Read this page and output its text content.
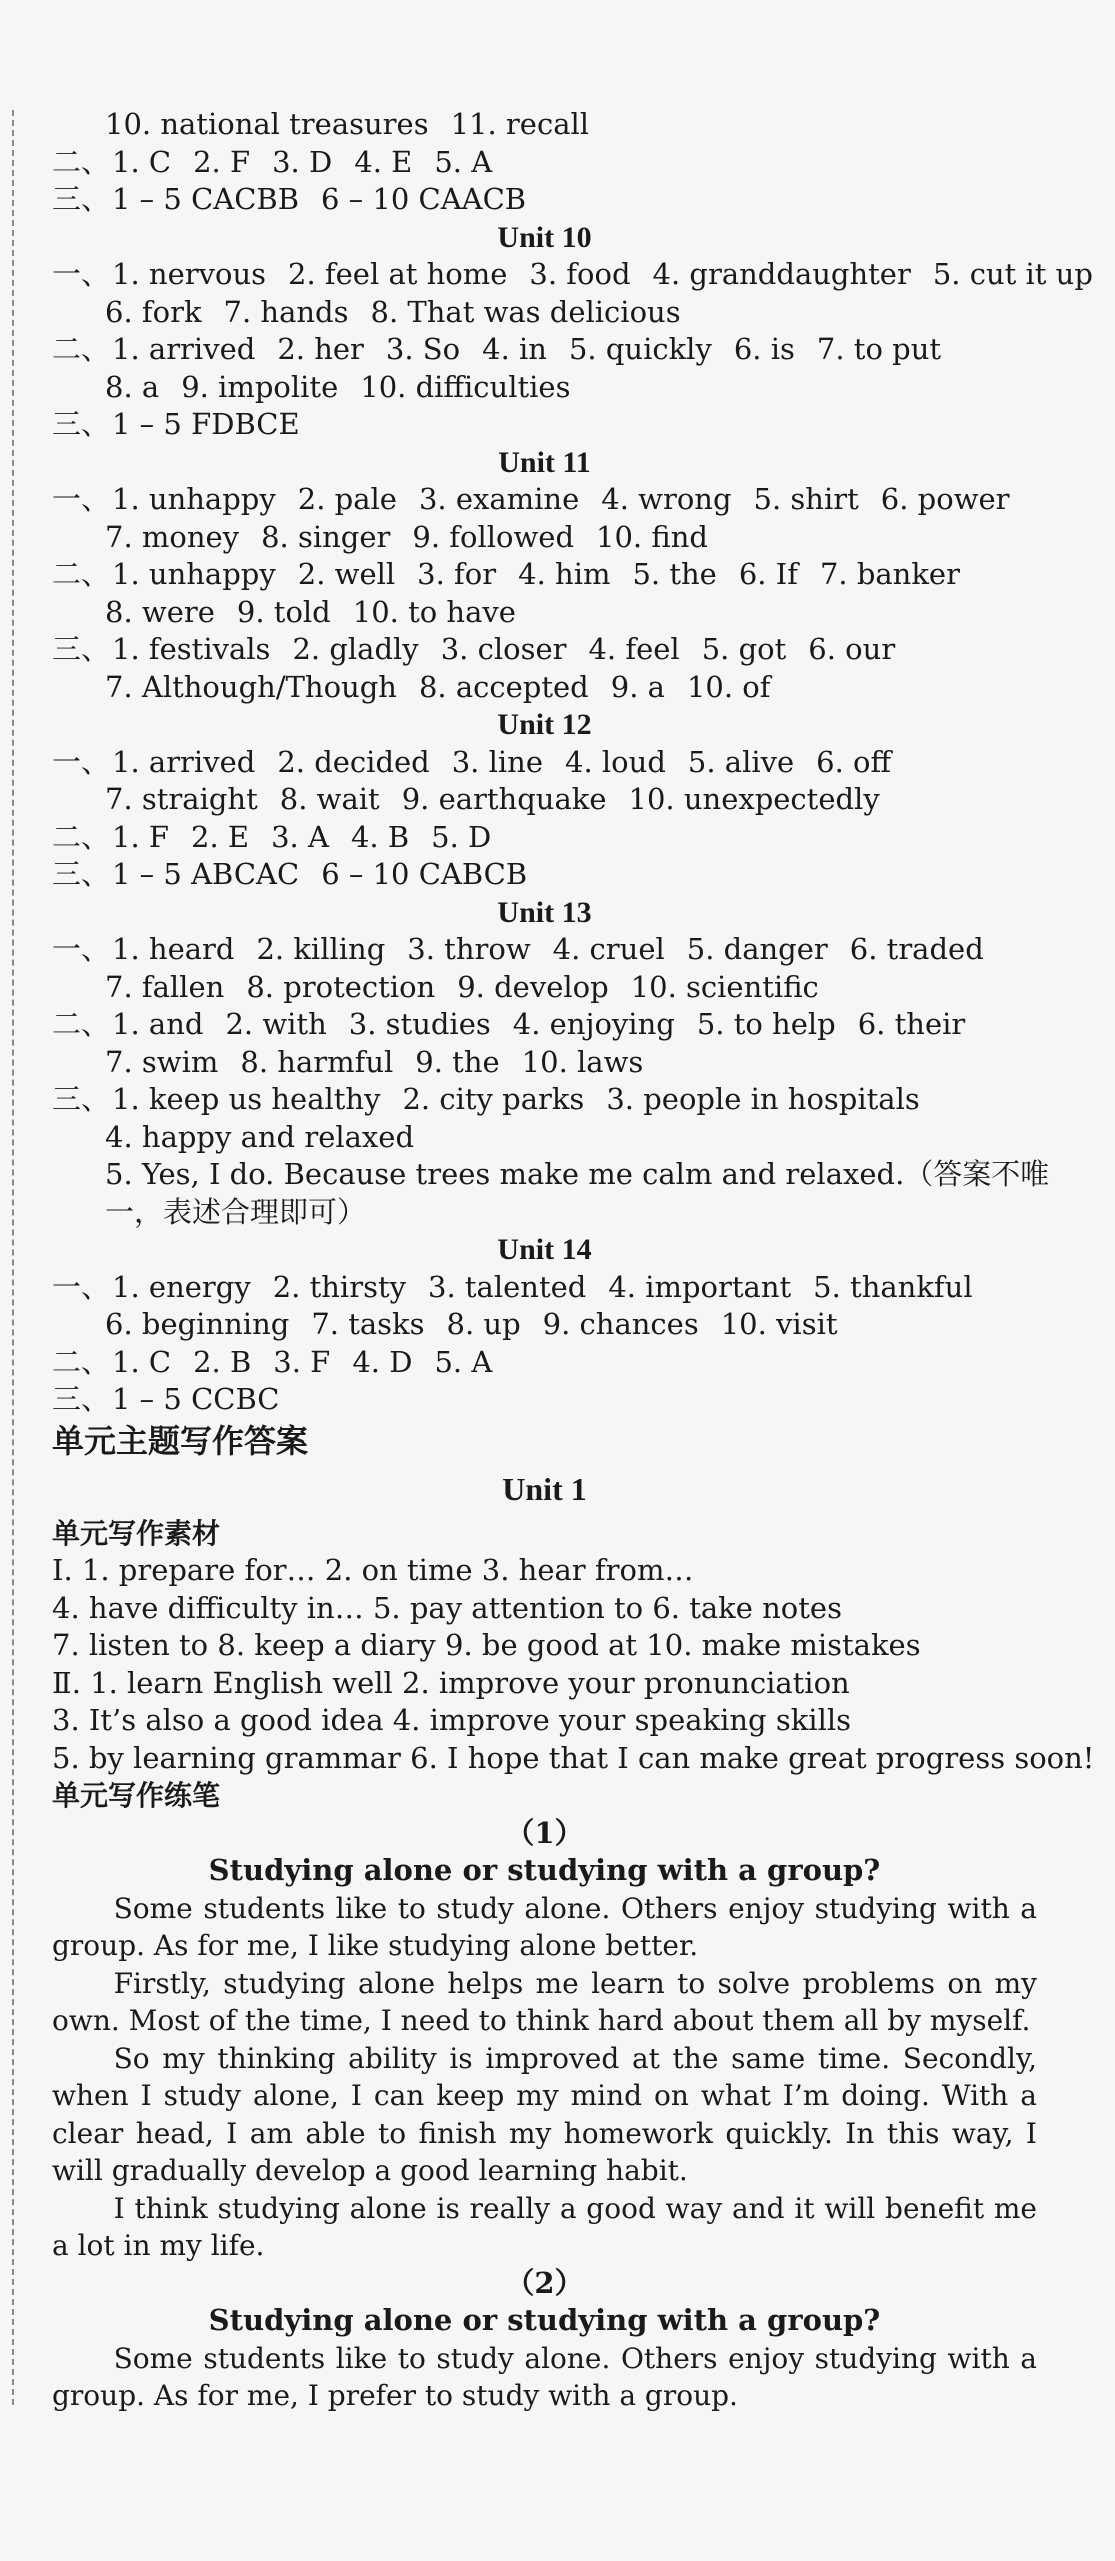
10. national treasures 11. recall
二、1. C 2. F 3. D 4. E 5. A
三、1 – 5 CACBB 6 – 10 CAACB
Unit 10
一、1. nervous 2. feel at home 3. food 4. granddaughter 5. cut it up
6. fork 7. hands 8. That was delicious
二、1. arrived 2. her 3. So 4. in 5. quickly 6. is 7. to put
8. a 9. impolite 10. difficulties
三、1 – 5 FDBCE
Unit 11
一、1. unhappy 2. pale 3. examine 4. wrong 5. shirt 6. power
7. money 8. singer 9. followed 10. find
二、1. unhappy 2. well 3. for 4. him 5. the 6. If 7. banker
8. were 9. told 10. to have
三、1. festivals 2. gladly 3. closer 4. feel 5. got 6. our
7. Although/Though 8. accepted 9. a 10. of
Unit 12
一、1. arrived 2. decided 3. line 4. loud 5. alive 6. off
7. straight 8. wait 9. earthquake 10. unexpectedly
二、1. F 2. E 3. A 4. B 5. D
三、1 – 5 ABCAC 6 – 10 CABCB
Unit 13
一、1. heard 2. killing 3. throw 4. cruel 5. danger 6. traded
7. fallen 8. protection 9. develop 10. scientific
二、1. and 2. with 3. studies 4. enjoying 5. to help 6. their
7. swim 8. harmful 9. the 10. laws
三、1. keep us healthy 2. city parks 3. people in hospitals
4. happy and relaxed
5. Yes, I do. Because trees make me calm and relaxed.（答案不唯
一，表述合理即可）
Unit 14
一、1. energy 2. thirsty 3. talented 4. important 5. thankful
6. beginning 7. tasks 8. up 9. chances 10. visit
二、1. C 2. B 3. F 4. D 5. A
三、1 – 5 CCBC
单元主题写作答案
Unit 1
单元写作素材
Ⅰ. 1. prepare for… 2. on time 3. hear from…
4. have difficulty in… 5. pay attention to 6. take notes
7. listen to 8. keep a diary 9. be good at 10. make mistakes
Ⅱ. 1. learn English well 2. improve your pronunciation
3. It’s also a good idea 4. improve your speaking skills
5. by learning grammar 6. I hope that I can make great progress soon!
单元写作练笔
（1）
Studying alone or studying with a group?

Some students like to study alone. Others enjoy studying with a group. As for me, I like studying alone better.

Firstly, studying alone helps me learn to solve problems on my own. Most of the time, I need to think hard about them all by myself.

So my thinking ability is improved at the same time. Secondly, when I study alone, I can keep my mind on what I’m doing. With a clear head, I am able to finish my homework quickly. In this way, I will gradually develop a good learning habit.

I think studying alone is really a good way and it will benefit me a lot in my life.

（2）
Studying alone or studying with a group?

Some students like to study alone. Others enjoy studying with a group. As for me, I prefer to study with a group.
